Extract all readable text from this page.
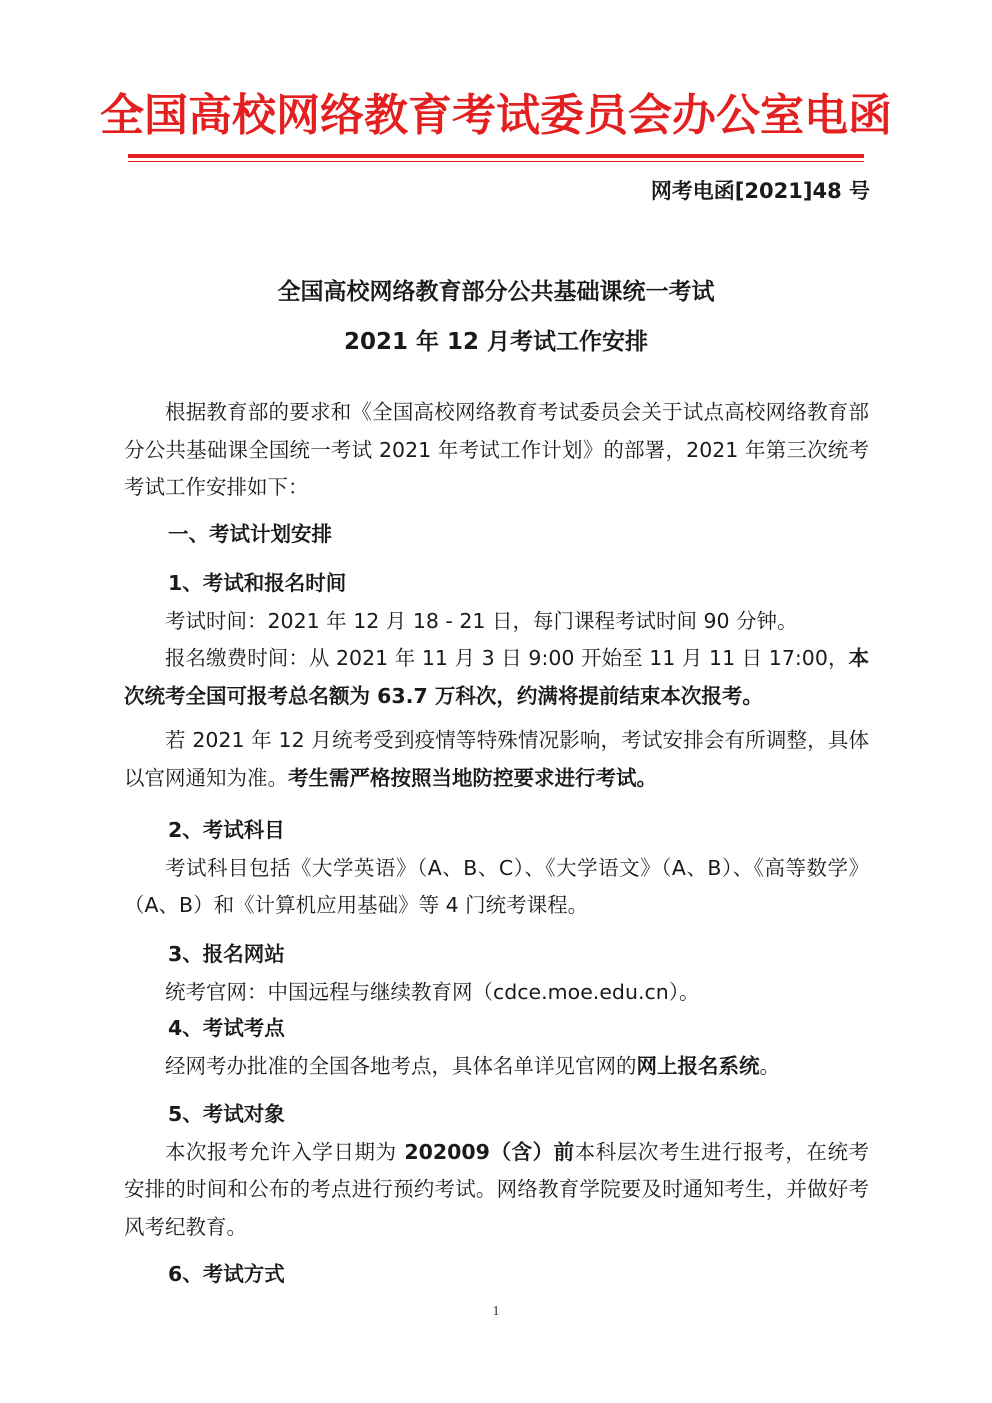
全国高校网络教育考试委员会办公室电函
网考电函[2021]48 号
全国高校网络教育部分公共基础课统一考试
2021 年 12 月考试工作安排

根据教育部的要求和《全国高校网络教育考试委员会关于试点高校网络教育部分公共基础课全国统一考试 2021 年考试工作计划》的部署，2021 年第三次统考考试工作安排如下：

一、考试计划安排

1、考试和报名时间

考试时间：2021 年 12 月 18 - 21 日，每门课程考试时间 90 分钟。

报名缴费时间：从 2021 年 11 月 3 日 9:00 开始至 11 月 11 日 17:00，本次统考全国可报考总名额为 63.7 万科次，约满将提前结束本次报考。

若 2021 年 12 月统考受到疫情等特殊情况影响，考试安排会有所调整，具体以官网通知为准。考生需严格按照当地防控要求进行考试。

2、考试科目

考试科目包括《大学英语》（A、B、C）、《大学语文》（A、B）、《高等数学》（A、B）和《计算机应用基础》等 4 门统考课程。

3、报名网站

统考官网：中国远程与继续教育网（cdce.moe.edu.cn）。

4、考试考点

经网考办批准的全国各地考点，具体名单详见官网的网上报名系统。

5、考试对象

本次报考允许入学日期为 202009（含）前本科层次考生进行报考，在统考安排的时间和公布的考点进行预约考试。网络教育学院要及时通知考生，并做好考风考纪教育。

6、考试方式

1
